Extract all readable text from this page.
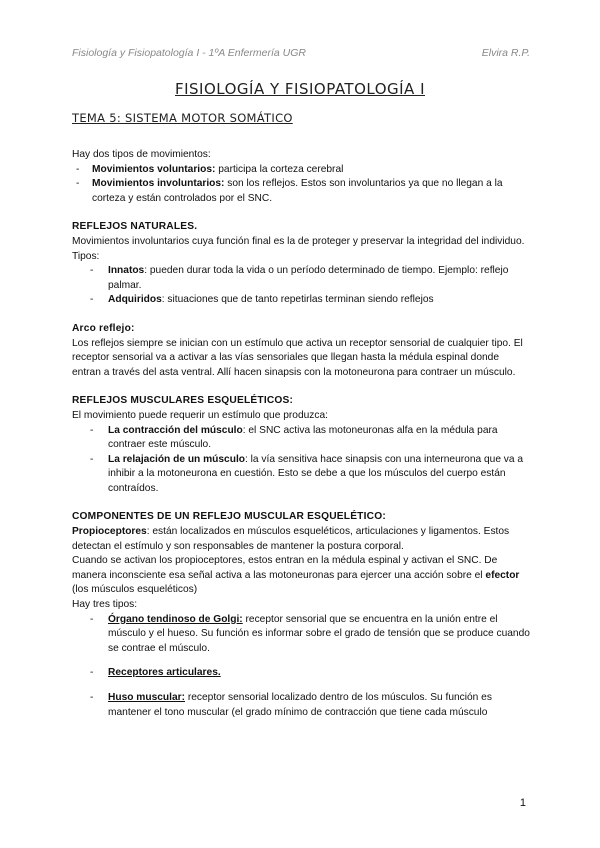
Fisiología y Fisiopatología I - 1ºA Enfermería UGR	Elvira R.P.
FISIOLOGÍA Y FISIOPATOLOGÍA I
TEMA 5: SISTEMA MOTOR SOMÁTICO

Hay dos tipos de movimientos:

- Movimientos voluntarios: participa la corteza cerebral
- Movimientos involuntarios: son los reflejos. Estos son involuntarios ya que no llegan a la corteza y están controlados por el SNC.

REFLEJOS NATURALES.

Movimientos involuntarios cuya función final es la de proteger y preservar la integridad del individuo. Tipos:

- Innatos: pueden durar toda la vida o un período determinado de tiempo. Ejemplo: reflejo palmar.
- Adquiridos: situaciones que de tanto repetirlas terminan siendo reflejos

Arco reflejo:

Los reflejos siempre se inician con un estímulo que activa un receptor sensorial de cualquier tipo. El receptor sensorial va a activar a las vías sensoriales que llegan hasta la médula espinal donde entran a través del asta ventral. Allí hacen sinapsis con la motoneurona para contraer un músculo.

REFLEJOS MUSCULARES ESQUELÉTICOS:

El movimiento puede requerir un estímulo que produzca:

- La contracción del músculo: el SNC activa las motoneuronas alfa en la médula para contraer este músculo.
- La relajación de un músculo: la vía sensitiva hace sinapsis con una interneurona que va a inhibir a la motoneurona en cuestión. Esto se debe a que los músculos del cuerpo están contraídos.

COMPONENTES DE UN REFLEJO MUSCULAR ESQUELÉTICO:

Propioceptores: están localizados en músculos esqueléticos, articulaciones y ligamentos. Estos detectan el estímulo y son responsables de mantener la postura corporal.

Cuando se activan los propioceptores, estos entran en la médula espinal y activan el SNC. De manera inconsciente esa señal activa a las motoneuronas para ejercer una acción sobre el efector (los músculos esqueléticos)

Hay tres tipos:

- Órgano tendinoso de Golgi: receptor sensorial que se encuentra en la unión entre el músculo y el hueso. Su función es informar sobre el grado de tensión que se produce cuando se contrae el músculo.
- Receptores articulares.
- Huso muscular: receptor sensorial localizado dentro de los músculos. Su función es mantener el tono muscular (el grado mínimo de contracción que tiene cada músculo
1
